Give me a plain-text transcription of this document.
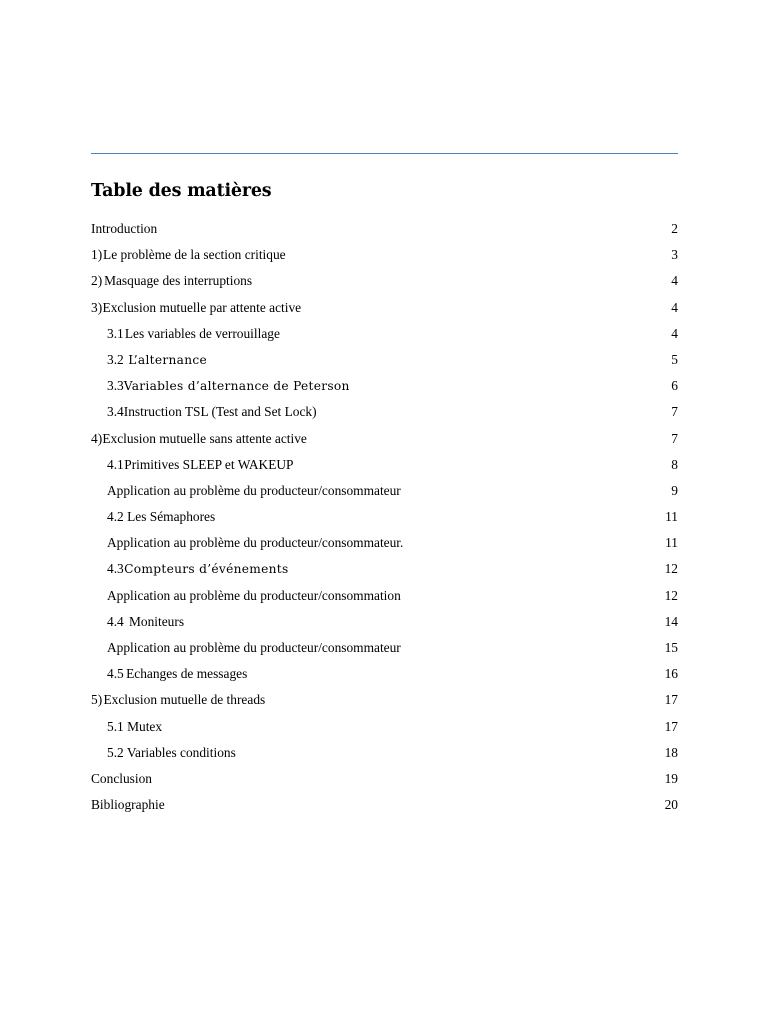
Table des matières
Introduction .....	2
1) Le problème de la section critique .....	3
2) Masquage des interruptions .....	4
3) Exclusion mutuelle par attente active .....	4
3.1 Les variables de verrouillage .....	4
3.2 L’alternance .....	5
3.3 Variables d’alternance de Peterson .....	6
3.4 Instruction TSL (Test and Set Lock) .....	7
4) Exclusion mutuelle sans attente active .....	7
4.1 Primitives SLEEP et WAKEUP .....	8
Application au problème du producteur/consommateur .....	9
4.2 Les Sémaphores .....	11
Application au problème du producteur/consommateur. .....	11
4.3 Compteurs d’événements .....	12
Application au problème du producteur/consommation .....	12
4.4 Moniteurs .....	14
Application au problème du producteur/consommateur .....	15
4.5 Echanges de messages .....	16
5) Exclusion mutuelle de threads .....	17
5.1 Mutex .....	17
5.2 Variables conditions .....	18
Conclusion .....	19
Bibliographie .....	20
